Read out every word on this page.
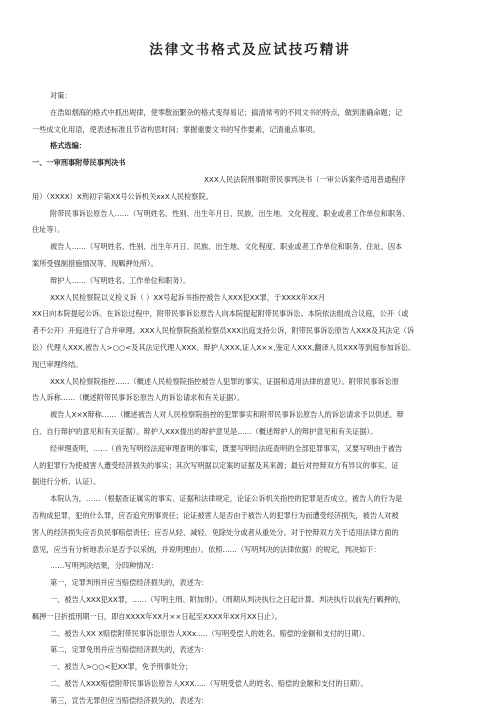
法律文书格式及应试技巧精讲
对策：
在浩如烟海的格式中抓出规律，使零散而繁杂的格式变得易记；搞清常考的不同文书的特点，做到准确命题；记
一些成文化用语，使表述标准且节省构思时间；掌握重要文书的写作要素，记清重点事项。
格式选编：
一、一审刑事附带民事判决书
XXX人民法院刑事附带民事判决书（一审公诉案件适用普通程序
用）（XXXX）X刑初字第XX号公诉机关xxX人民检察院。
附带民事诉讼原告人……（写明姓名、性别、出生年月日、民族、出生地、文化程度、职业或者工作单位和职务、
住址等）。
被告人……（写明姓名、性别、出生年月日、民族、出生地、文化程度、职业或者工作单位和职务、住址、因本
案所受强制措施情况等，现羁押处所）。
辩护人……（写明姓名、工作单位和职务）。
XXX人民检察院以义检义诉（ ）XX号起诉书指控被告人XXX犯XX罪，于XXXX年XX月
XX日向本院提起公诉。在诉讼过程中，附带民事诉讼原告人向本院提起附带民事诉讼。本院依法组成合议庭，公开（或
者不公开）开庭进行了合并审理。XXX人民检察院指派检察员XXX出庭支持公诉，附带民事诉讼原告人XXX及其法定（诉
讼）代理人XXX,被告人>○○<及其法定代理人XXX、辩护人XXX,证人X××,鉴定人XXX,翻译人员XXX等到庭参加诉讼。
现已审理终结。
XXX人民检察院指控……（概述人民检察院指控被告人犯罪的事实、证据和适用法律的意见）。附带民事诉讼原
告人诉称……（概述附带民事诉讼原告人的诉讼请求和有关证据）。
被告人X×X辩称……（概述被告人对人民检察院指控的犯罪事实和附带民事诉讼原告人的诉讼请求予以供述、辩
白、自行辩护的意见和有关证据）。辩护人XXX提出的辩护意见是……（概述辩护人的辩护意见和有关证据）。
经审理查明，……（首先写明经法庭审理查明的事实，既要写明经法庭查明的全部犯罪事实，又要写明由于被告
人的犯罪行为使被害人遭受经济损失的事实；其次写明据以定案的证据及其来源；最后对控辩双方有异议的事实、证
据进行分析、认证）。
本院认为，……（根据查证属实的事实、证据和法律规定，论证公诉机关指控的犯罪是否成立，被告人的行为是
否构成犯罪，犯的什么罪，应否追究刑事责任；论证被害人是否由于被告人的犯罪行为而遭受经济损失，被告人对被
害人的经济损失应否负民事赔偿责任；应否从轻、减轻、免除处分或者从重处分。对于控辩双方关于适用法律方面的
意见，应当有分析地表示是否予以采纳，并说明理由）。依照……（写明判决的法律依据）的规定，判决如下：
……写明判决结果，分四种情况：
第一，定罪判刑并应当赔偿经济损失的，表述为：
一、被告人XXX犯XX罪，……（写明主刑、附加刑）。（刑期从判决执行之日起计算。判决执行以前先行羁押的，
羁押一日折抵刑期一日，即自XXXX年XX月××日起至XXXX年XX月XX日止）。
二、被告人XX X赔偿附带民事诉讼原告人XXx.....（写明受偿人的姓名、赔偿的金额和支付的日期）。
第二，定罪免刑并应当赔偿经济损失的，表述为：
一、被告人>○○<犯XX罪，免予刑事处分；
二、被告人XXX赔偿附带民事诉讼原告人XXX.....（写明受偿人的姓名、赔偿的金额和支付的日期）。
第三，宣告无罪但应当赔偿经济损失的，表述为：
